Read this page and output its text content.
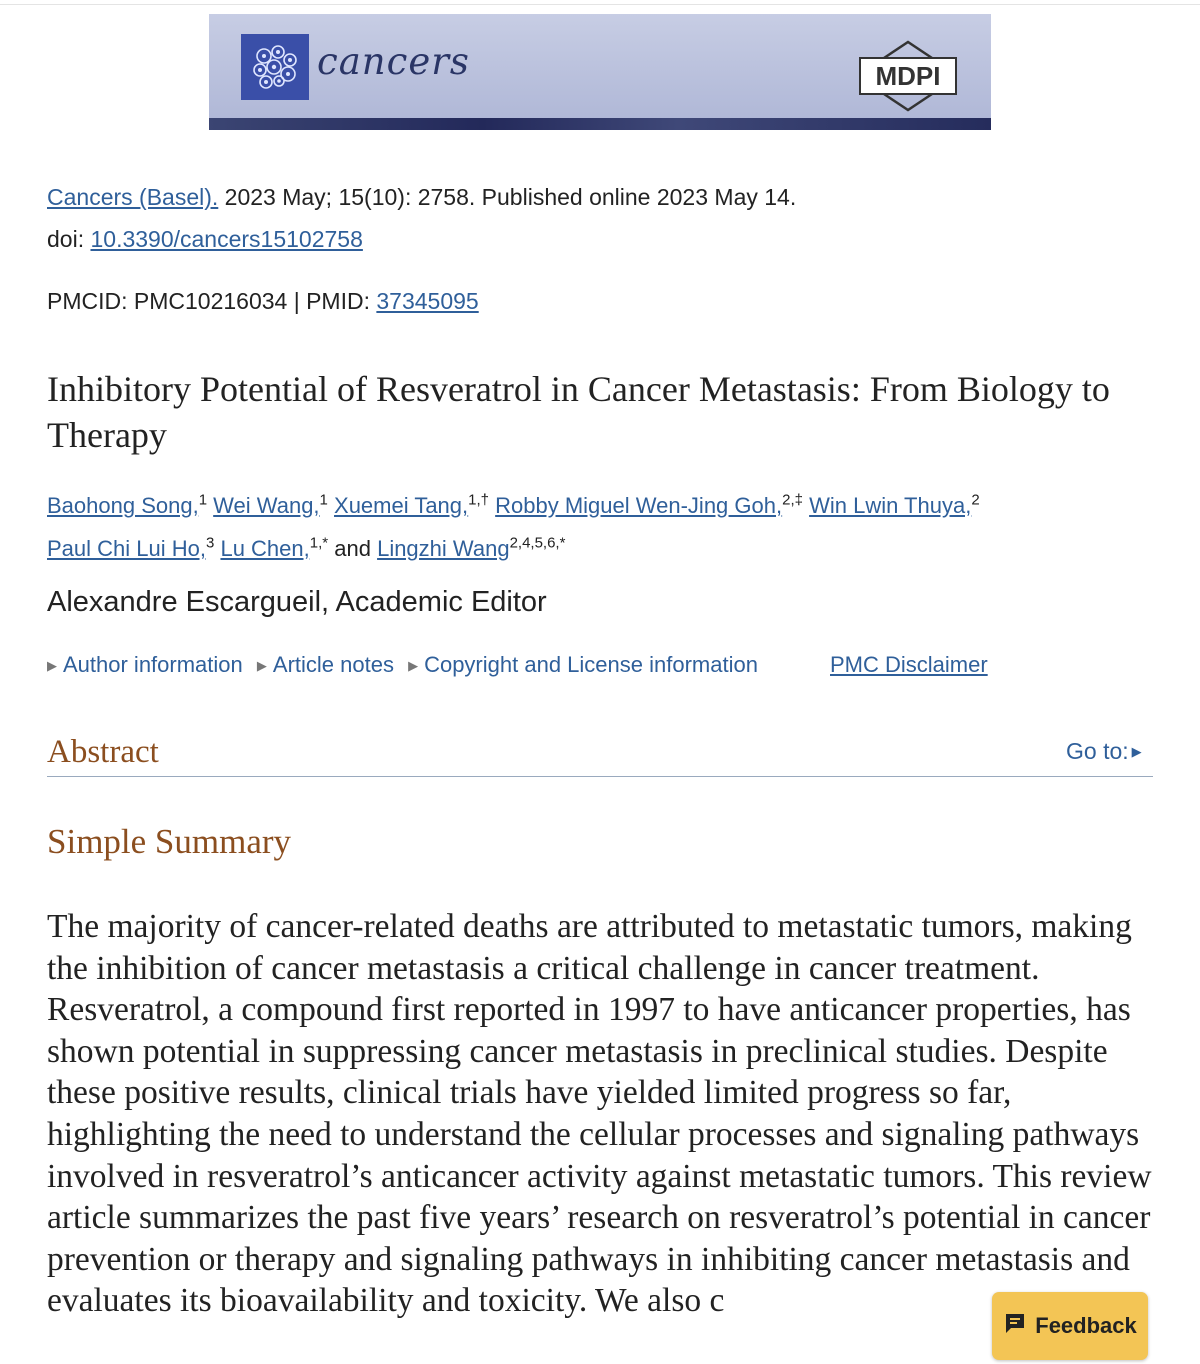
cancers	MDPI
Cancers (Basel). 2023 May; 15(10): 2758. Published online 2023 May 14.
doi: 10.3390/cancers15102758
PMCID: PMC10216034 | PMID: 37345095
Inhibitory Potential of Resveratrol in Cancer Metastasis: From Biology to Therapy
Baohong Song,$^1$ Wei Wang,$^1$ Xuemei Tang,$^{1,\dagger}$ Robby Miguel Wen-Jing Goh,$^{2,\ddagger}$ Win Lwin Thuya,$^2$
Paul Chi Lui Ho,$^3$ Lu Chen,$^{1,*}$ and Lingzhi Wang$^{2,4,5,6,*}$
Alexandre Escargueil, Academic Editor
▶ Author information ▶ Article notes ▶ Copyright and License information	PMC Disclaimer
Abstract	Go to: ▶
Simple Summary

The majority of cancer-related deaths are attributed to metastatic tumors, making the inhibition of cancer metastasis a critical challenge in cancer treatment. Resveratrol, a compound first reported in 1997 to have anticancer properties, has shown potential in suppressing cancer metastasis in preclinical studies. Despite these positive results, clinical trials have yielded limited progress so far, highlighting the need to understand the cellular processes and signaling pathways involved in resveratrol’s anticancer activity against metastatic tumors. This review article summarizes the past five years’ research on resveratrol’s potential in cancer prevention or therapy and signaling pathways in inhibiting cancer metastasis and evaluates its bioavailability and toxicity. We also c

Feedback
